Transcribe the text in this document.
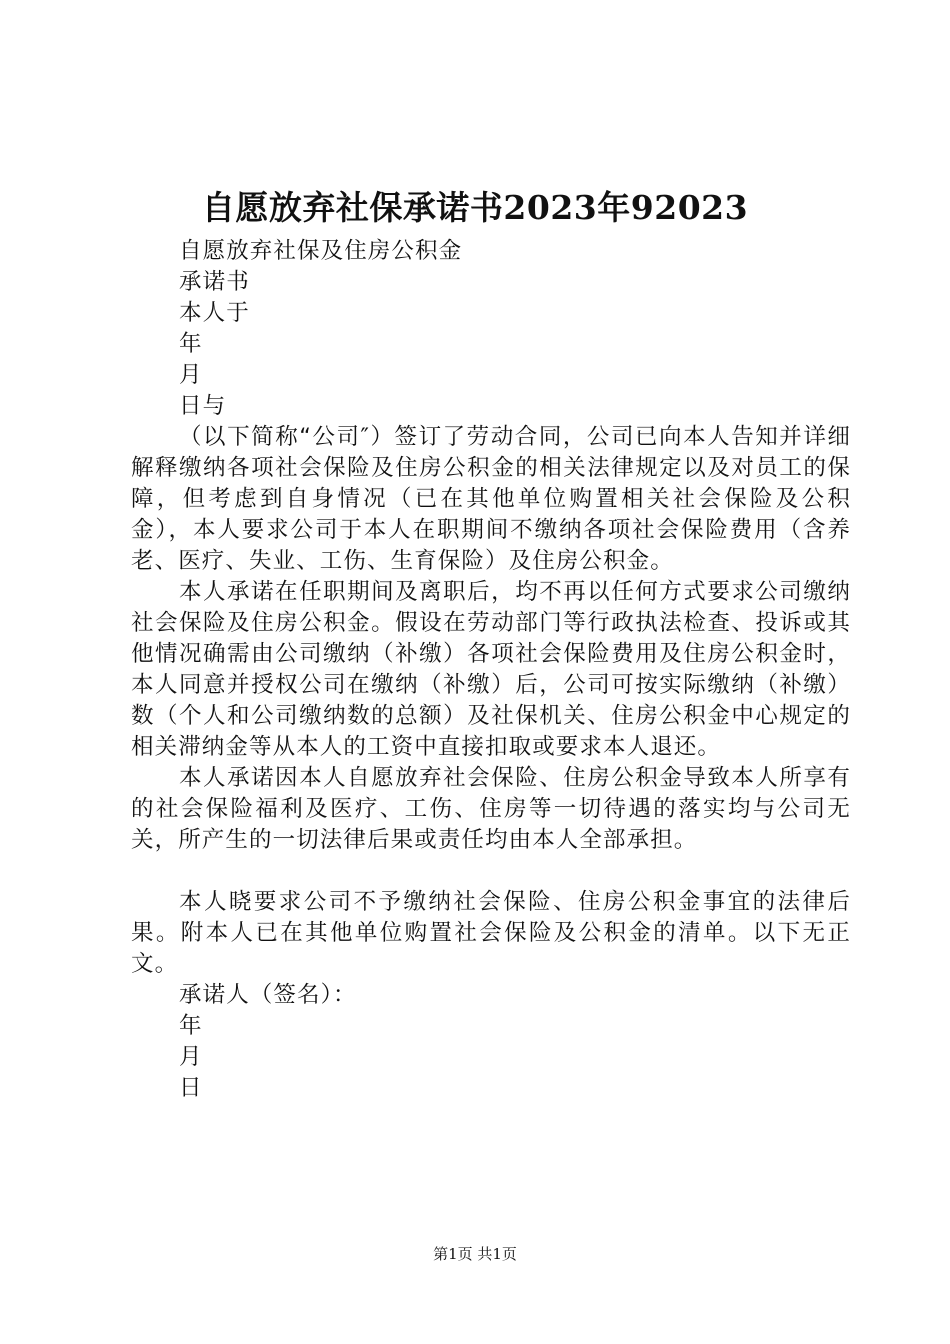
自愿放弃社保承诺书2023年92023
自愿放弃社保及住房公积金
承诺书
本人于
年
月
日与

（以下简称“公司″）签订了劳动合同，公司已向本人告知并详细解释缴纳各项社会保险及住房公积金的相关法律规定以及对员工的保障，但考虑到自身情况（已在其他单位购置相关社会保险及公积金），本人要求公司于本人在职期间不缴纳各项社会保险费用（含养老、医疗、失业、工伤、生育保险）及住房公积金。

本人承诺在任职期间及离职后，均不再以任何方式要求公司缴纳社会保险及住房公积金。假设在劳动部门等行政执法检查、投诉或其他情况确需由公司缴纳（补缴）各项社会保险费用及住房公积金时，本人同意并授权公司在缴纳（补缴）后，公司可按实际缴纳（补缴）数（个人和公司缴纳数的总额）及社保机关、住房公积金中心规定的相关滞纳金等从本人的工资中直接扣取或要求本人退还。

本人承诺因本人自愿放弃社会保险、住房公积金导致本人所享有的社会保险福利及医疗、工伤、住房等一切待遇的落实均与公司无关，所产生的一切法律后果或责任均由本人全部承担。

本人晓要求公司不予缴纳社会保险、住房公积金事宜的法律后果。附本人已在其他单位购置社会保险及公积金的清单。以下无正文。

承诺人（签名）：
年
月
日
第1页 共1页
